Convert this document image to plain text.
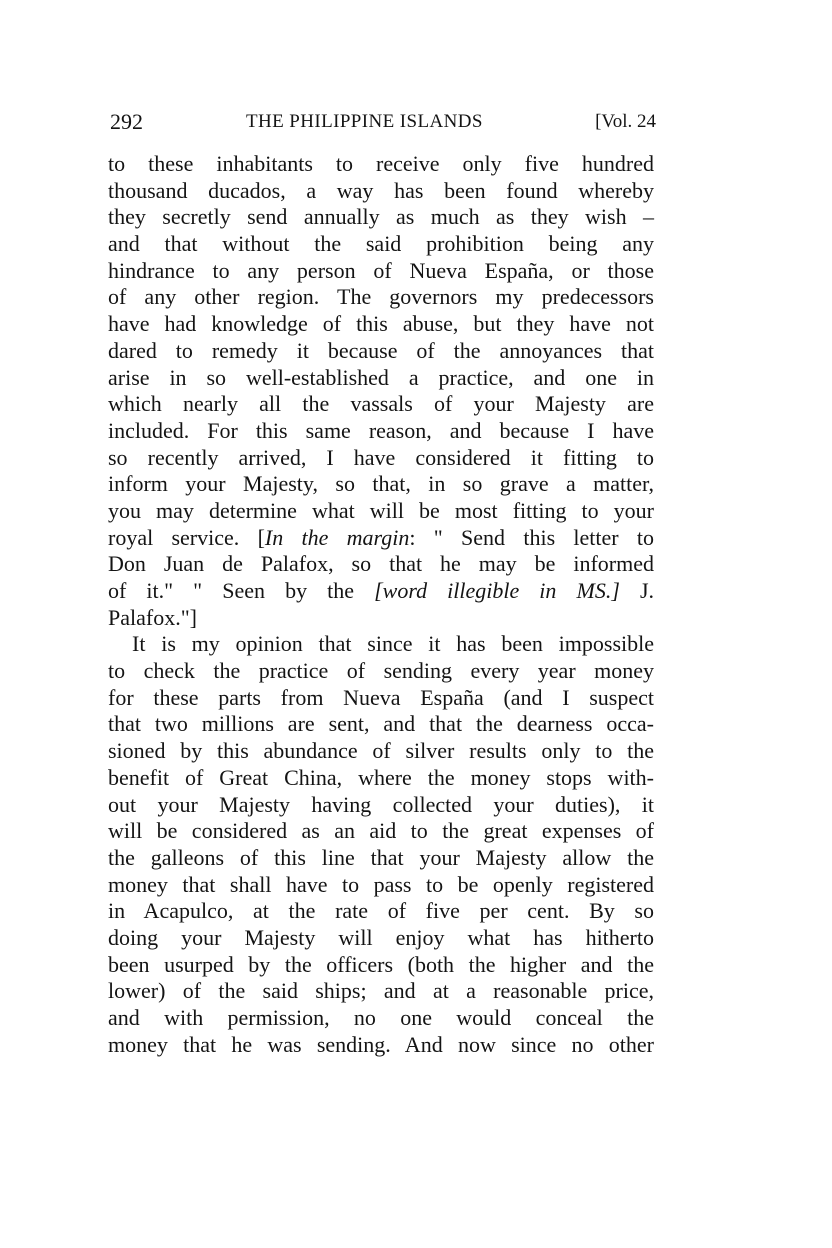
292	THE PHILIPPINE ISLANDS	[Vol. 24
to these inhabitants to receive only five hundred
thousand ducados, a way has been found whereby
they secretly send annually as much as they wish –
and that without the said prohibition being any
hindrance to any person of Nueva España, or those
of any other region. The governors my predecessors
have had knowledge of this abuse, but they have not
dared to remedy it because of the annoyances that
arise in so well-established a practice, and one in
which nearly all the vassals of your Majesty are
included. For this same reason, and because I have
so recently arrived, I have considered it fitting to
inform your Majesty, so that, in so grave a matter,
you may determine what will be most fitting to your
royal service. [In the margin: " Send this letter to
Don Juan de Palafox, so that he may be informed
of it." " Seen by the [word illegible in MS.] J.
Palafox."]
It is my opinion that since it has been impossible
to check the practice of sending every year money
for these parts from Nueva España (and I suspect
that two millions are sent, and that the dearness occa-
sioned by this abundance of silver results only to the
benefit of Great China, where the money stops with-
out your Majesty having collected your duties), it
will be considered as an aid to the great expenses of
the galleons of this line that your Majesty allow the
money that shall have to pass to be openly registered
in Acapulco, at the rate of five per cent. By so
doing your Majesty will enjoy what has hitherto
been usurped by the officers (both the higher and the
lower) of the said ships; and at a reasonable price,
and with permission, no one would conceal the
money that he was sending. And now since no other
